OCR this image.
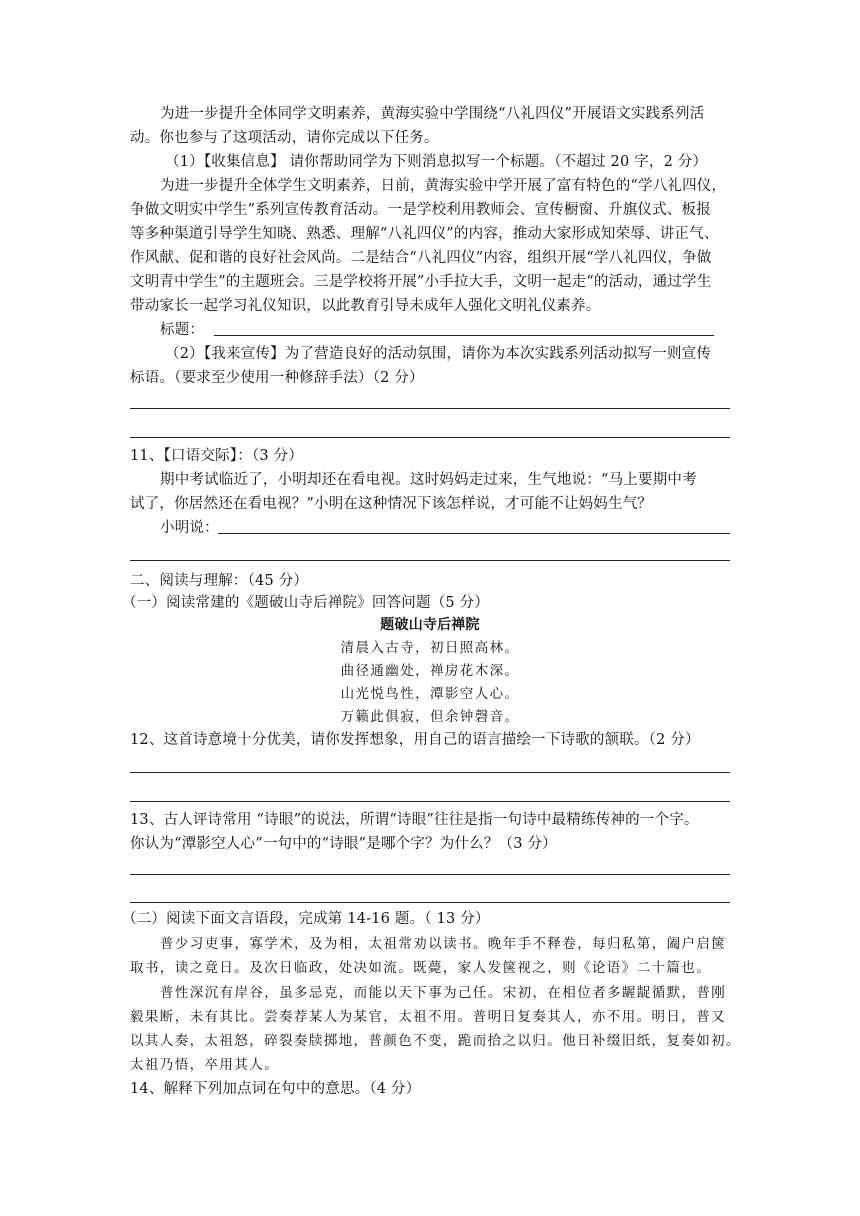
为进一步提升全体同学文明素养，黄海实验中学围绕“八礼四仪”开展语文实践系列活
动。你也参与了这项活动，请你完成以下任务。
（1）【收集信息】 请你帮助同学为下则消息拟写一个标题。（不超过 20 字，2 分）
为进一步提升全体学生文明素养，日前，黄海实验中学开展了富有特色的“学八礼四仪，
争做文明实中学生”系列宣传教育活动。一是学校利用教师会、宣传橱窗、升旗仪式、板报
等多种渠道引导学生知晓、熟悉、理解“八礼四仪”的内容，推动大家形成知荣辱、讲正气、
作风献、促和谐的良好社会风尚。二是结合“八礼四仪”内容，组织开展“学八礼四仪，争做
文明青中学生”的主题班会。三是学校将开展”小手拉大手，文明一起走“的活动，通过学生
带动家长一起学习礼仪知识，以此教育引导未成年人强化文明礼仪素养。
标题：
（2）【我来宣传】为了营造良好的活动氛围，请你为本次实践系列活动拟写一则宣传
标语。（要求至少使用一种修辞手法）（2 分）
11、【口语交际】：（3 分）
期中考试临近了，小明却还在看电视。这时妈妈走过来，生气地说：“马上要期中考
试了，你居然还在看电视？”小明在这种情况下该怎样说，才可能不让妈妈生气？
小明说：
二、阅读与理解：（45 分）
（一）阅读常建的《题破山寺后禅院》回答问题（5 分）
题破山寺后禅院
清晨入古寺，初日照高林。
曲径通幽处，禅房花木深。
山光悦鸟性，潭影空人心。
万籁此俱寂，但余钟磬音。
12、这首诗意境十分优美，请你发挥想象，用自己的语言描绘一下诗歌的颔联。（2 分）
13、古人评诗常用 “诗眼”的说法，所谓“诗眼”往往是指一句诗中最精练传神的一个字。
你认为“潭影空人心”一句中的“诗眼”是哪个字？为什么？（3 分）
（二）阅读下面文言语段，完成第 14-16 题。（ 13 分）
普少习吏事，寡学术，及为相，太祖常劝以读书。晚年手不释卷，每归私第，阖户启箧
取书，读之竟日。及次日临政，处决如流。既薨，家人发箧视之，则《论语》二十篇也。
普性深沉有岸谷，虽多忌克，而能以天下事为己任。宋初，在相位者多龌龊循默，普刚
毅果断，未有其比。尝奏荐某人为某官，太祖不用。普明日复奏其人，亦不用。明日，普又
以其人奏，太祖怒，碎裂奏牍掷地，普颜色不变，跪而拾之以归。他日补缀旧纸，复奏如初。
太祖乃悟，卒用其人。
14、解释下列加点词在句中的意思。（4 分）
